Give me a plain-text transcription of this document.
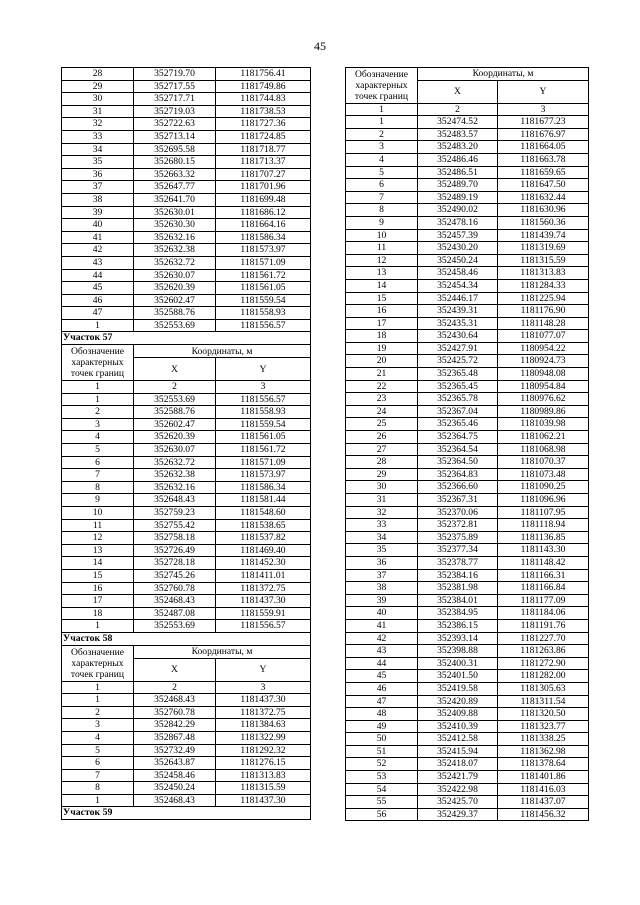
45
28	352719.70	1181756.41
29	352717.55	1181749.86
30	352717.71	1181744.83
31	352719.03	1181738.53
32	352722.63	1181727.36
33	352713.14	1181724.85
34	352695.58	1181718.77
35	352680.15	1181713.37
36	352663.32	1181707.27
37	352647.77	1181701.96
38	352641.70	1181699.48
39	352630.01	1181686.12
40	352630.30	1181664.16
41	352632.16	1181586.34
42	352632.38	1181573.97
43	352632.72	1181571.09
44	352630.07	1181561.72
45	352620.39	1181561.05
46	352602.47	1181559.54
47	352588.76	1181558.93
1	352553.69	1181556.57
Участок 57		
Обозначение характерных точек границ	Координаты, м	
	X	Y
1	2	3
1	352553.69	1181556.57
2	352588.76	1181558.93
3	352602.47	1181559.54
4	352620.39	1181561.05
5	352630.07	1181561.72
6	352632.72	1181571.09
7	352632.38	1181573.97
8	352632.16	1181586.34
9	352648.43	1181581.44
10	352759.23	1181548.60
11	352755.42	1181538.65
12	352758.18	1181537.82
13	352726.49	1181469.40
14	352728.18	1181452.30
15	352745.26	1181411.01
16	352760.78	1181372.75
17	352468.43	1181437.30
18	352487.08	1181559.91
1	352553.69	1181556.57
Участок 58		
Обозначение характерных точек границ	Координаты, м	
	X	Y
1	2	3
1	352468.43	1181437.30
2	352760.78	1181372.75
3	352842.29	1181384.63
4	352867.48	1181322.99
5	352732.49	1181292.32
6	352643.87	1181276.15
7	352458.46	1181313.83
8	352450.24	1181315.59
1	352468.43	1181437.30
Участок 59		
Обозначение характерных точек границ	Координаты, м	
	X	Y
1	2	3
1	352474.52	1181677.23
2	352483.57	1181676.97
3	352483.20	1181664.05
4	352486.46	1181663.78
5	352486.51	1181659.65
6	352489.70	1181647.50
7	352489.19	1181632.44
8	352490.02	1181630.96
9	352478.16	1181560.36
10	352457.39	1181439.74
11	352430.20	1181319.69
12	352450.24	1181315.59
13	352458.46	1181313.83
14	352454.34	1181284.33
15	352446.17	1181225.94
16	352439.31	1181176.90
17	352435.31	1181148.28
18	352430.64	1181077.07
19	352427.91	1180954.22
20	352425.72	1180924.73
21	352365.48	1180948.08
22	352365.45	1180954.84
23	352365.78	1180976.62
24	352367.04	1180989.86
25	352365.46	1181039.98
26	352364.75	1181062.21
27	352364.54	1181068.98
28	352364.50	1181070.37
29	352364.83	1181073.48
30	352366.60	1181090.25
31	352367.31	1181096.96
32	352370.06	1181107.95
33	352372.81	1181118.94
34	352375.89	1181136.85
35	352377.34	1181143.30
36	352378.77	1181148.42
37	352384.16	1181166.31
38	352381.98	1181166.84
39	352384.01	1181177.09
40	352384.95	1181184.06
41	352386.15	1181191.76
42	352393.14	1181227.70
43	352398.88	1181263.86
44	352400.31	1181272.90
45	352401.50	1181282.00
46	352419.58	1181305.63
47	352420.89	1181311.54
48	352409.88	1181320.50
49	352410.39	1181323.77
50	352412.58	1181338.25
51	352415.94	1181362.98
52	352418.07	1181378.64
53	352421.79	1181401.86
54	352422.98	1181416.03
55	352425.70	1181437.07
56	352429.37	1181456.32
